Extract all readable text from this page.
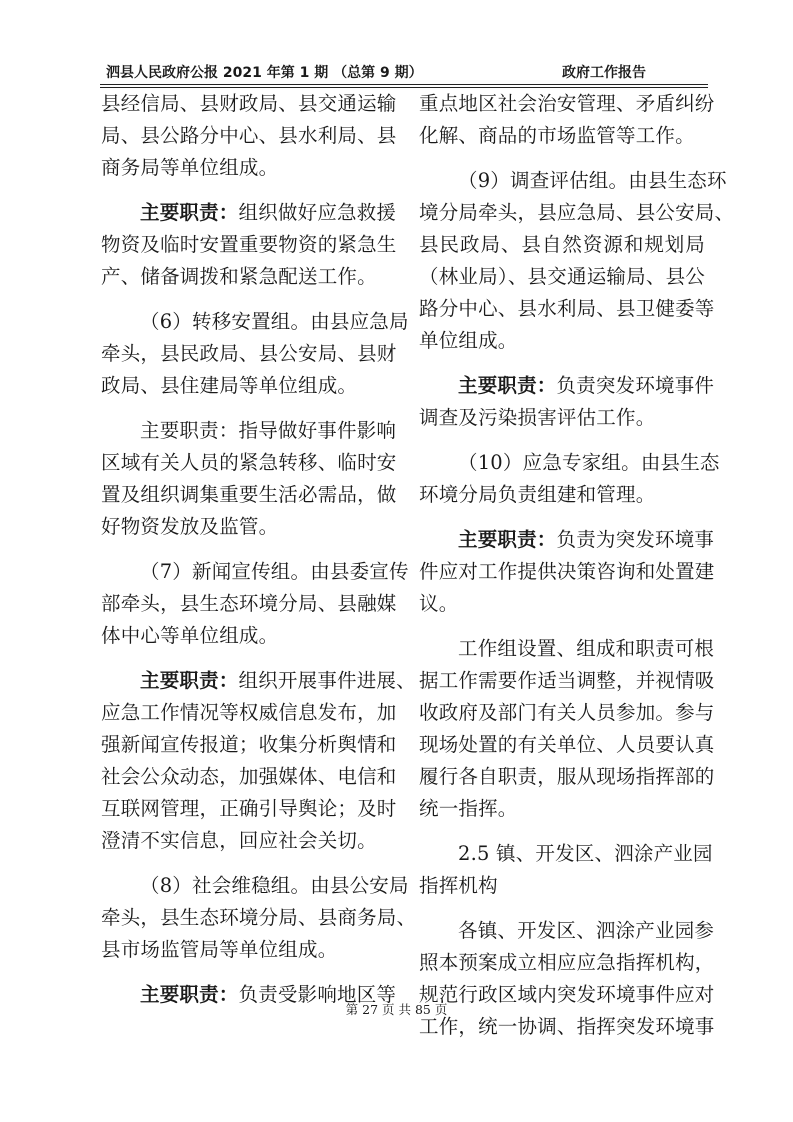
泗县人民政府公报 2021 年第 1 期 （总第 9 期）	政府工作报告
县经信局、县财政局、县交通运输
局、县公路分中心、县水利局、县
商务局等单位组成。
主要职责：组织做好应急救援
物资及临时安置重要物资的紧急生
产、储备调拨和紧急配送工作。
（6）转移安置组。由县应急局
牵头，县民政局、县公安局、县财
政局、县住建局等单位组成。
主要职责：指导做好事件影响
区域有关人员的紧急转移、临时安
置及组织调集重要生活必需品，做
好物资发放及监管。
（7）新闻宣传组。由县委宣传
部牵头，县生态环境分局、县融媒
体中心等单位组成。
主要职责：组织开展事件进展、
应急工作情况等权威信息发布，加
强新闻宣传报道；收集分析舆情和
社会公众动态，加强媒体、电信和
互联网管理，正确引导舆论；及时
澄清不实信息，回应社会关切。
（8）社会维稳组。由县公安局
牵头，县生态环境分局、县商务局、
县市场监管局等单位组成。
主要职责：负责受影响地区等
重点地区社会治安管理、矛盾纠纷
化解、商品的市场监管等工作。
（9）调查评估组。由县生态环
境分局牵头，县应急局、县公安局、
县民政局、县自然资源和规划局
（林业局）、县交通运输局、县公
路分中心、县水利局、县卫健委等
单位组成。
主要职责：负责突发环境事件
调查及污染损害评估工作。
（10）应急专家组。由县生态
环境分局负责组建和管理。
主要职责：负责为突发环境事
件应对工作提供决策咨询和处置建
议。
工作组设置、组成和职责可根
据工作需要作适当调整，并视情吸
收政府及部门有关人员参加。参与
现场处置的有关单位、人员要认真
履行各自职责，服从现场指挥部的
统一指挥。
2.5 镇、开发区、泗涂产业园
指挥机构
各镇、开发区、泗涂产业园参
照本预案成立相应应急指挥机构，
规范行政区域内突发环境事件应对
工作，统一协调、指挥突发环境事
第 27 页 共 85 页
